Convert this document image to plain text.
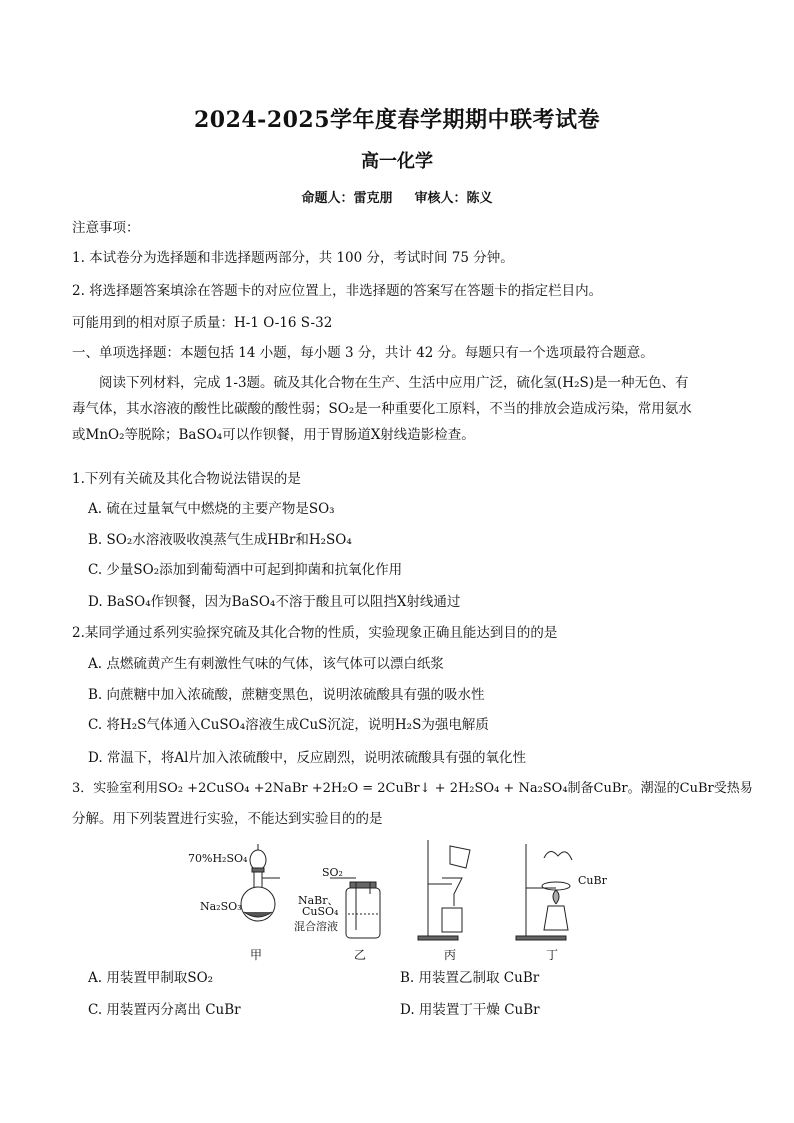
2024-2025学年度春学期期中联考试卷
高一化学
命题人：雷克朋 审核人：陈义
注意事项：
1. 本试卷分为选择题和非选择题两部分，共 100 分，考试时间 75 分钟。
2. 将选择题答案填涂在答题卡的对应位置上，非选择题的答案写在答题卡的指定栏目内。
可能用到的相对原子质量：H-1 O-16 S-32
一、单项选择题：本题包括 14 小题，每小题 3 分，共计 42 分。每题只有一个选项最符合题意。

阅读下列材料，完成 1-3题。硫及其化合物在生产、生活中应用广泛，硫化氢(H₂S)是一种无色、有

毒气体，其水溶液的酸性比碳酸的酸性弱；SO₂是一种重要化工原料，不当的排放会造成污染，常用氨水

或MnO₂等脱除；BaSO₄可以作钡餐，用于胃肠道X射线造影检查。

1.下列有关硫及其化合物说法错误的是
A. 硫在过量氧气中燃烧的主要产物是SO₃
B. SO₂水溶液吸收溴蒸气生成HBr和H₂SO₄
C. 少量SO₂添加到葡萄酒中可起到抑菌和抗氧化作用
D. BaSO₄作钡餐，因为BaSO₄不溶于酸且可以阻挡X射线通过
2.某同学通过系列实验探究硫及其化合物的性质，实验现象正确且能达到目的的是
A. 点燃硫黄产生有刺激性气味的气体，该气体可以漂白纸浆
B. 向蔗糖中加入浓硫酸，蔗糖变黑色，说明浓硫酸具有强的吸水性
C. 将H₂S气体通入CuSO₄溶液生成CuS沉淀，说明H₂S为强电解质
D. 常温下，将Al片加入浓硫酸中，反应剧烈，说明浓硫酸具有强的氧化性
3．实验室利用SO₂ +2CuSO₄ +2NaBr +2H₂O = 2CuBr↓ + 2H₂SO₄ + Na₂SO₄制备CuBr。潮湿的CuBr受热易
分解。用下列装置进行实验，不能达到实验目的的是
70%H₂SO₄
Na₂SO₃
SO₂
NaBr、
CuSO₄
混合溶液
CuBr
甲	乙	丙	丁
A. 用装置甲制取SO₂	B. 用装置乙制取 CuBr
C. 用装置丙分离出 CuBr	D. 用装置丁干燥 CuBr
